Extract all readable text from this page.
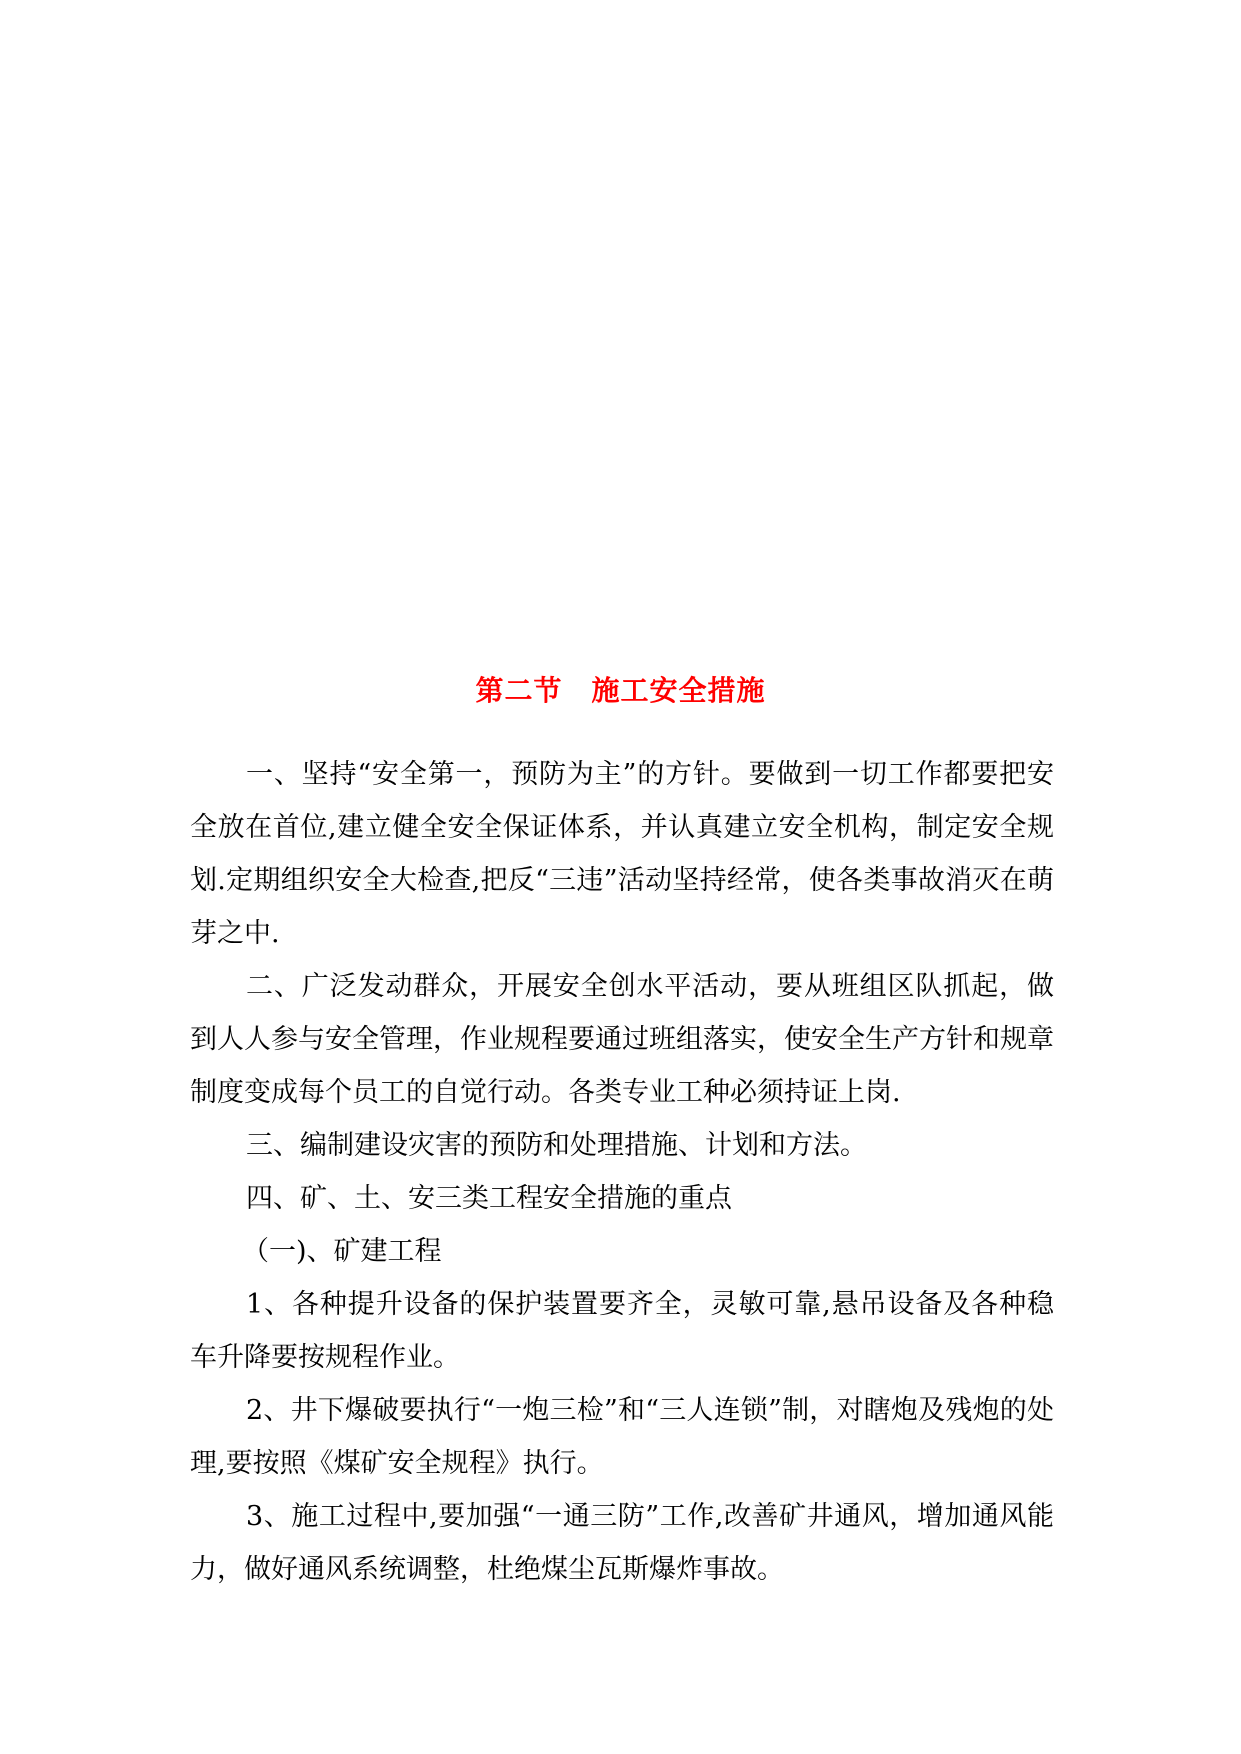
第二节　施工安全措施

一、坚持“安全第一，预防为主”的方针。要做到一切工作都要把安全放在首位,建立健全安全保证体系，并认真建立安全机构，制定安全规划.定期组织安全大检查,把反“三违”活动坚持经常，使各类事故消灭在萌芽之中.

二、广泛发动群众，开展安全创水平活动，要从班组区队抓起，做到人人参与安全管理，作业规程要通过班组落实，使安全生产方针和规章制度变成每个员工的自觉行动。各类专业工种必须持证上岗.

三、编制建设灾害的预防和处理措施、计划和方法。

四、矿、土、安三类工程安全措施的重点

（一)、矿建工程

1、各种提升设备的保护装置要齐全，灵敏可靠,悬吊设备及各种稳车升降要按规程作业。

2、井下爆破要执行“一炮三检”和“三人连锁”制，对瞎炮及残炮的处理,要按照《煤矿安全规程》执行。

3、施工过程中,要加强“一通三防”工作,改善矿井通风，增加通风能力，做好通风系统调整，杜绝煤尘瓦斯爆炸事故。
